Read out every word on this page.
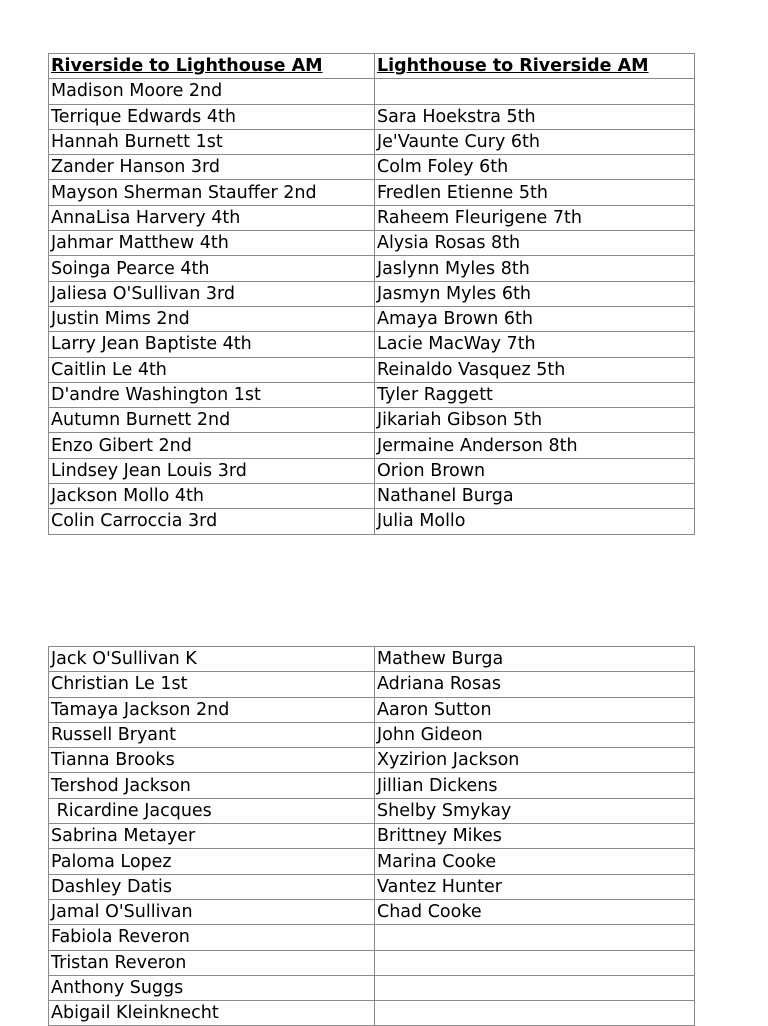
Riverside to Lighthouse AM	Lighthouse to Riverside AM
Madison Moore 2nd	
Terrique Edwards 4th	Sara Hoekstra 5th
Hannah Burnett 1st	Je'Vaunte Cury 6th
Zander Hanson 3rd	Colm Foley 6th
Mayson Sherman Stauffer 2nd	Fredlen Etienne 5th
AnnaLisa Harvery 4th	Raheem Fleurigene 7th
Jahmar Matthew 4th	Alysia Rosas 8th
Soinga Pearce 4th	Jaslynn Myles 8th
Jaliesa O'Sullivan 3rd	Jasmyn Myles 6th
Justin Mims 2nd	Amaya Brown 6th
Larry Jean Baptiste 4th	Lacie MacWay 7th
Caitlin Le 4th	Reinaldo Vasquez 5th
D'andre Washington 1st	Tyler Raggett
Autumn Burnett 2nd	Jikariah Gibson 5th
Enzo Gibert 2nd	Jermaine Anderson 8th
Lindsey Jean Louis 3rd	Orion Brown
Jackson Mollo 4th	Nathanel Burga
Colin Carroccia 3rd	Julia Mollo
Jack O'Sullivan K	Mathew Burga
Christian Le 1st	Adriana Rosas
Tamaya Jackson 2nd	Aaron Sutton
Russell Bryant	John Gideon
Tianna Brooks	Xyzirion Jackson
Tershod Jackson	Jillian Dickens
Ricardine Jacques	Shelby Smykay
Sabrina Metayer	Brittney Mikes
Paloma Lopez	Marina Cooke
Dashley Datis	Vantez Hunter
Jamal O'Sullivan	Chad Cooke
Fabiola Reveron	
Tristan Reveron	
Anthony Suggs	
Abigail Kleinknecht	
